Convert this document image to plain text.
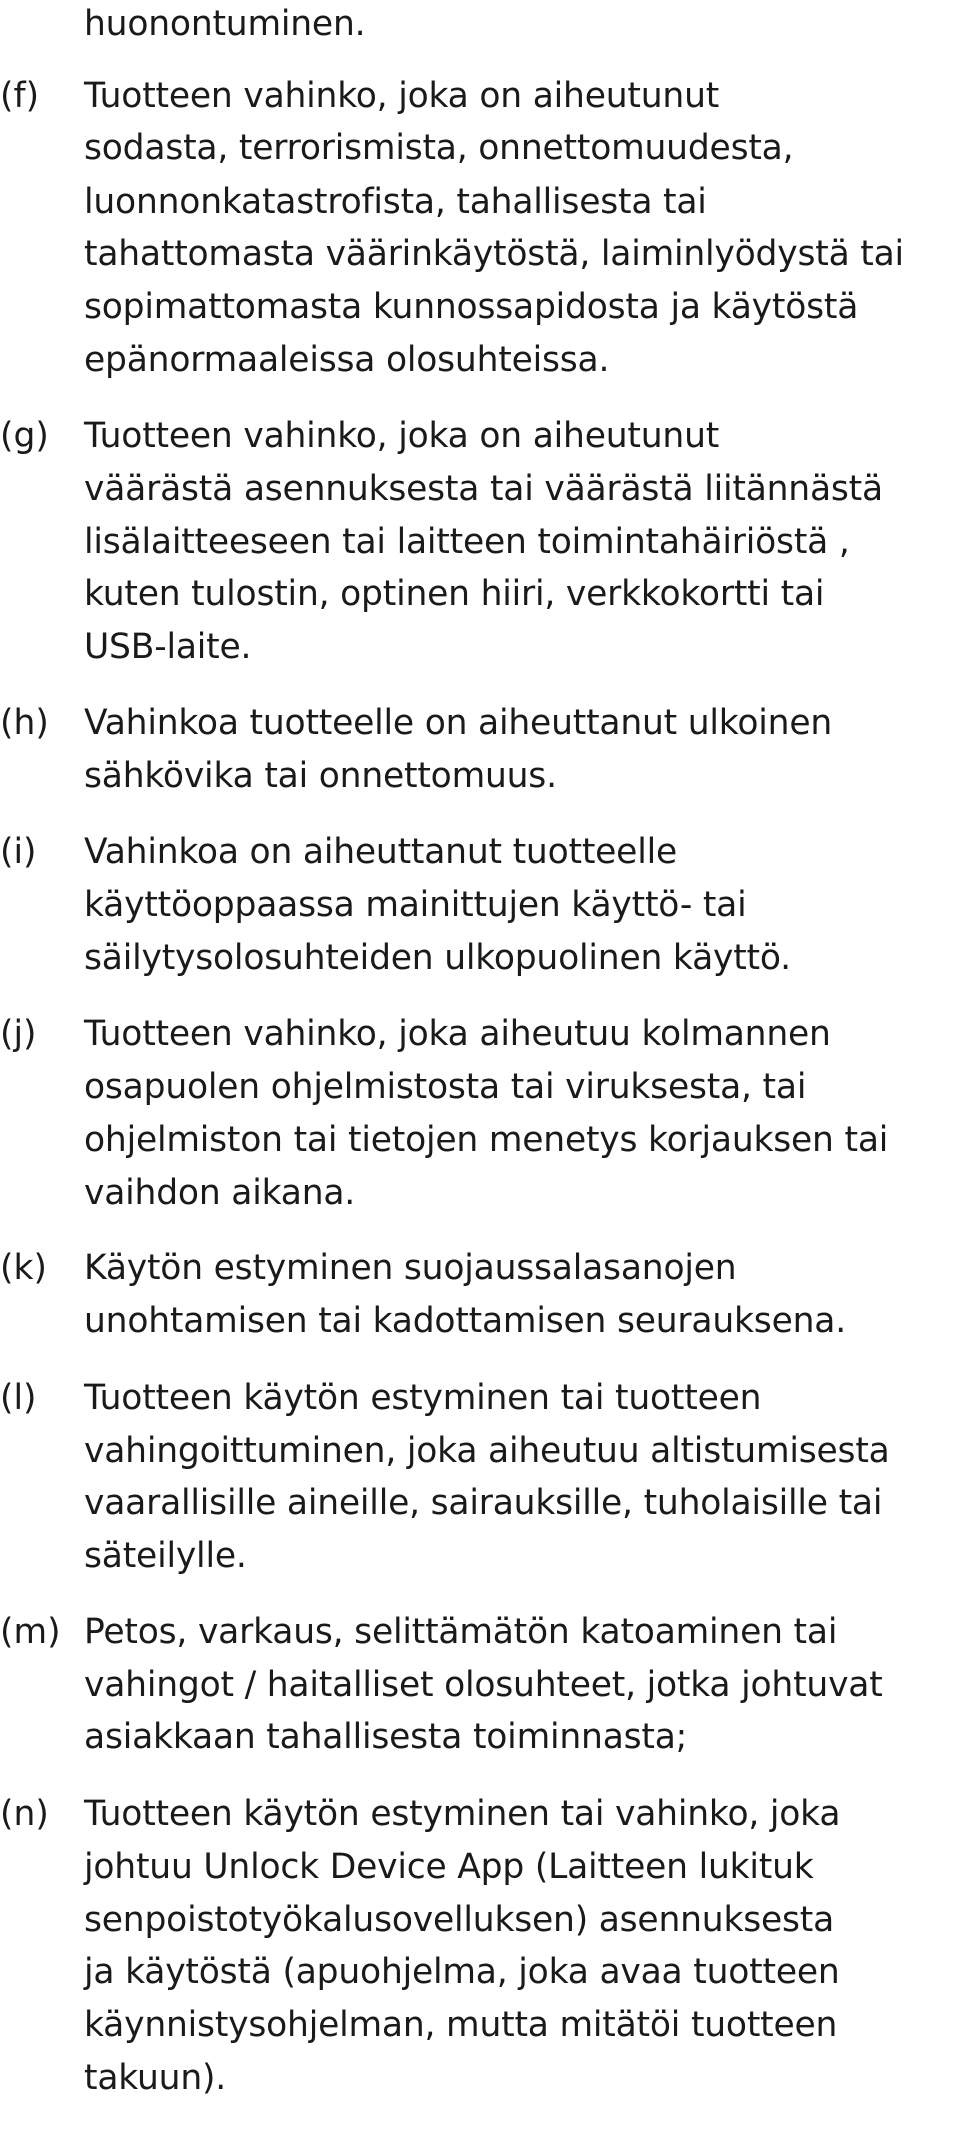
huonontuminen.
(f) Tuotteen vahinko, joka on aiheutunut
sodasta, terrorismista, onnettomuudesta,
luonnonkatastrofista, tahallisesta tai
tahattomasta väärinkäytöstä, laiminlyödystä tai
sopimattomasta kunnossapidosta ja käytöstä
epänormaaleissa olosuhteissa.
(g) Tuotteen vahinko, joka on aiheutunut
väärästä asennuksesta tai väärästä liitännästä
lisälaitteeseen tai laitteen toimintahäiriöstä ,
kuten tulostin, optinen hiiri, verkkokortti tai
USB-laite.
(h) Vahinkoa tuotteelle on aiheuttanut ulkoinen
sähkövika tai onnettomuus.
(i) Vahinkoa on aiheuttanut tuotteelle
käyttöoppaassa mainittujen käyttö- tai
säilytysolosuhteiden ulkopuolinen käyttö.
(j) Tuotteen vahinko, joka aiheutuu kolmannen
osapuolen ohjelmistosta tai viruksesta, tai
ohjelmiston tai tietojen menetys korjauksen tai
vaihdon aikana.
(k) Käytön estyminen suojaussalasanojen
unohtamisen tai kadottamisen seurauksena.
(l) Tuotteen käytön estyminen tai tuotteen
vahingoittuminen, joka aiheutuu altistumisesta
vaarallisille aineille, sairauksille, tuholaisille tai
säteilylle.
(m) Petos, varkaus, selittämätön katoaminen tai
vahingot / haitalliset olosuhteet, jotka johtuvat
asiakkaan tahallisesta toiminnasta;
(n) Tuotteen käytön estyminen tai vahinko, joka
johtuu Unlock Device App (Laitteen lukituk
senpoistotyökalusovelluksen) asennuksesta
ja käytöstä (apuohjelma, joka avaa tuotteen
käynnistysohjelman, mutta mitätöi tuotteen
takuun).
